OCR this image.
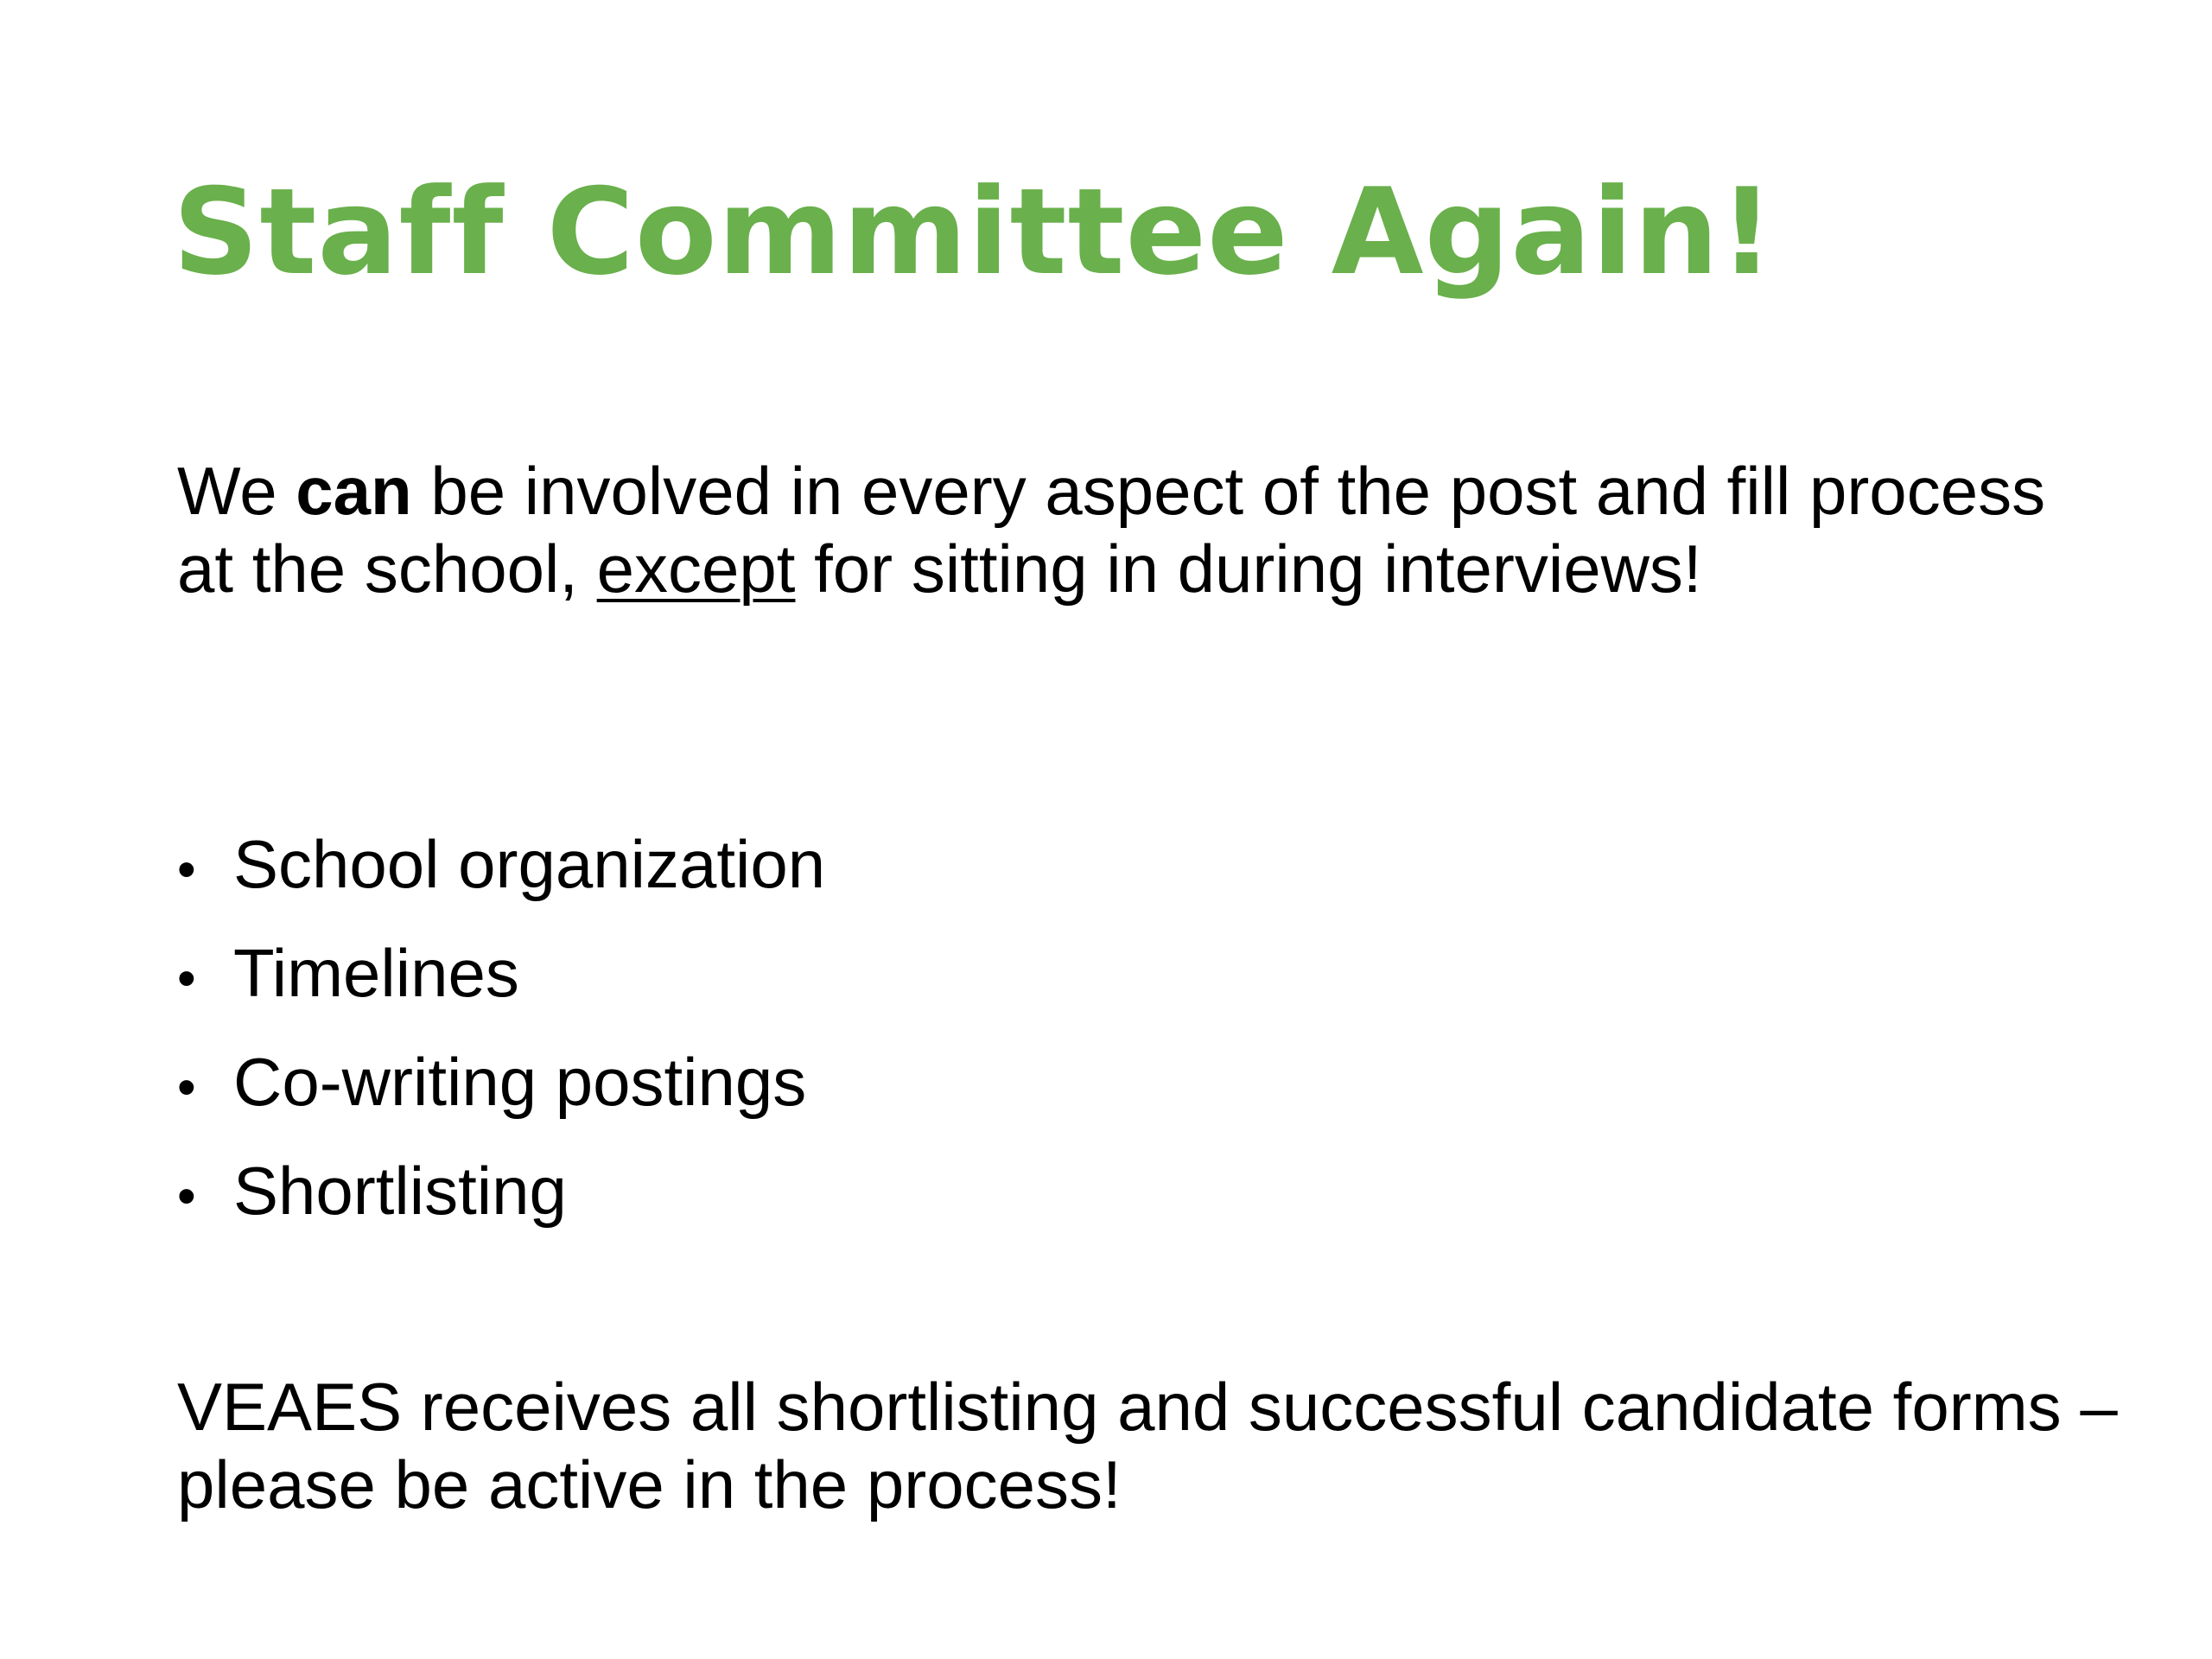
Staff Committee Again!

We can be involved in every aspect of the post and fill process at the school, except for sitting in during interviews!

• School organization
• Timelines
• Co-writing postings
• Shortlisting

VEAES receives all shortlisting and successful candidate forms – please be active in the process!
